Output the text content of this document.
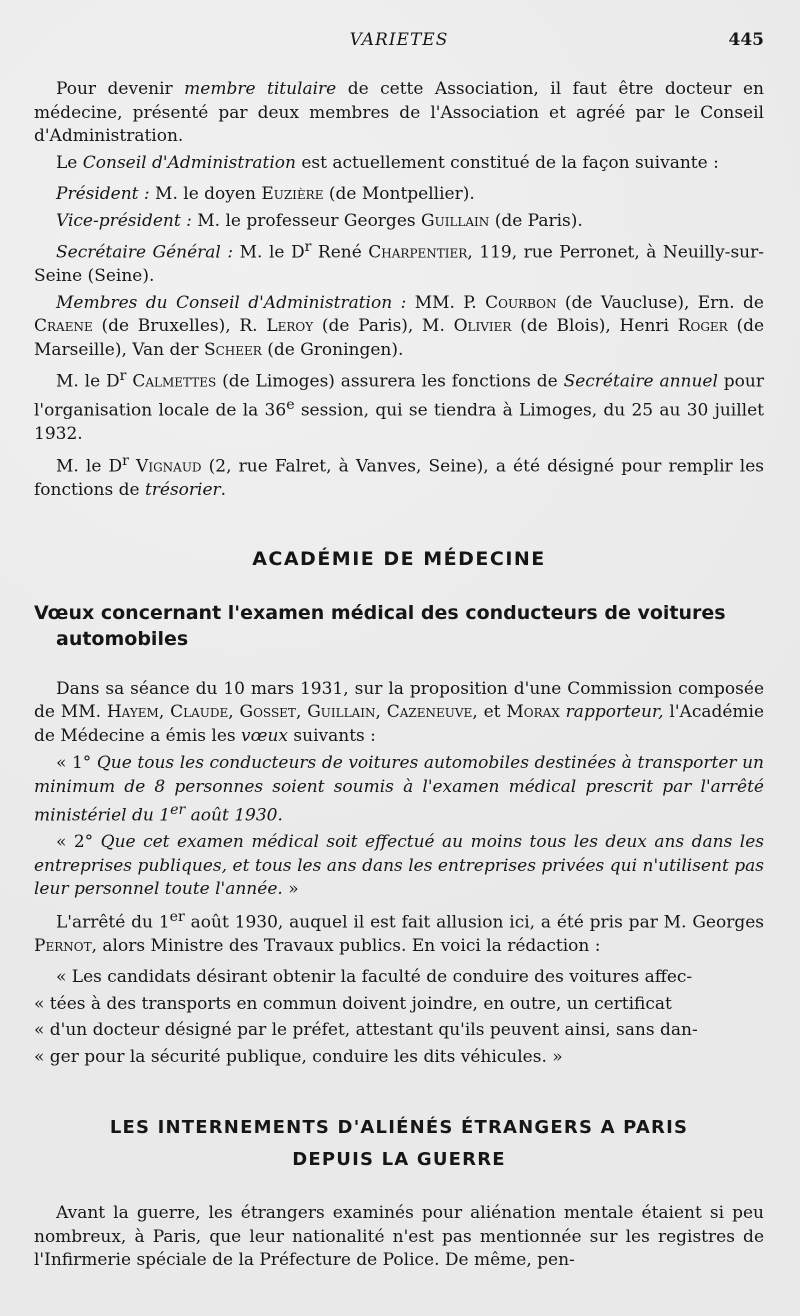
VARIETES	445

Pour devenir membre titulaire de cette Association, il faut être docteur en médecine, présenté par deux membres de l'Association et agréé par le Conseil d'Administration.

Le Conseil d'Administration est actuellement constitué de la façon suivante :

Président : M. le doyen Euzière (de Montpellier).

Vice-président : M. le professeur Georges Guillain (de Paris).

Secrétaire Général : M. le $D^r$ René Charpentier, 119, rue Perronet, à Neuilly-sur-Seine (Seine).

Membres du Conseil d'Administration : MM. P. Courbon (de Vaucluse), Ern. de Craene (de Bruxelles), R. Leroy (de Paris), M. Olivier (de Blois), Henri Roger (de Marseille), Van der Scheer (de Groningen).

M. le $D^r$ Calmettes (de Limoges) assurera les fonctions de Secrétaire annuel pour l'organisation locale de la 36e session, qui se tiendra à Limoges, du 25 au 30 juillet 1932.

M. le $D^r$ Vignaud (2, rue Falret, à Vanves, Seine), a été désigné pour remplir les fonctions de trésorier.

ACADÉMIE DE MÉDECINE
Vœux concernant l'examen médical des conducteurs de voitures automobiles

Dans sa séance du 10 mars 1931, sur la proposition d'une Commission composée de MM. Hayem, Claude, Gosset, Guillain, Cazeneuve, et Morax rapporteur, l'Académie de Médecine a émis les vœux suivants :

« 1° Que tous les conducteurs de voitures automobiles destinées à transporter un minimum de 8 personnes soient soumis à l'examen médical prescrit par l'arrêté ministériel du 1er août 1930.

« 2° Que cet examen médical soit effectué au moins tous les deux ans dans les entreprises publiques, et tous les ans dans les entreprises privées qui n'utilisent pas leur personnel toute l'année. »

L'arrêté du 1er août 1930, auquel il est fait allusion ici, a été pris par M. Georges Pernot, alors Ministre des Travaux publics. En voici la rédaction :

« Les candidats désirant obtenir la faculté de conduire des voitures affec-

« tées à des transports en commun doivent joindre, en outre, un certificat

« d'un docteur désigné par le préfet, attestant qu'ils peuvent ainsi, sans dan-

« ger pour la sécurité publique, conduire les dits véhicules. »

LES INTERNEMENTS D'ALIÉNÉS ÉTRANGERS A PARIS
DEPUIS LA GUERRE

Avant la guerre, les étrangers examinés pour aliénation mentale étaient si peu nombreux, à Paris, que leur nationalité n'est pas mentionnée sur les registres de l'Infirmerie spéciale de la Préfecture de Police. De même, pen-
